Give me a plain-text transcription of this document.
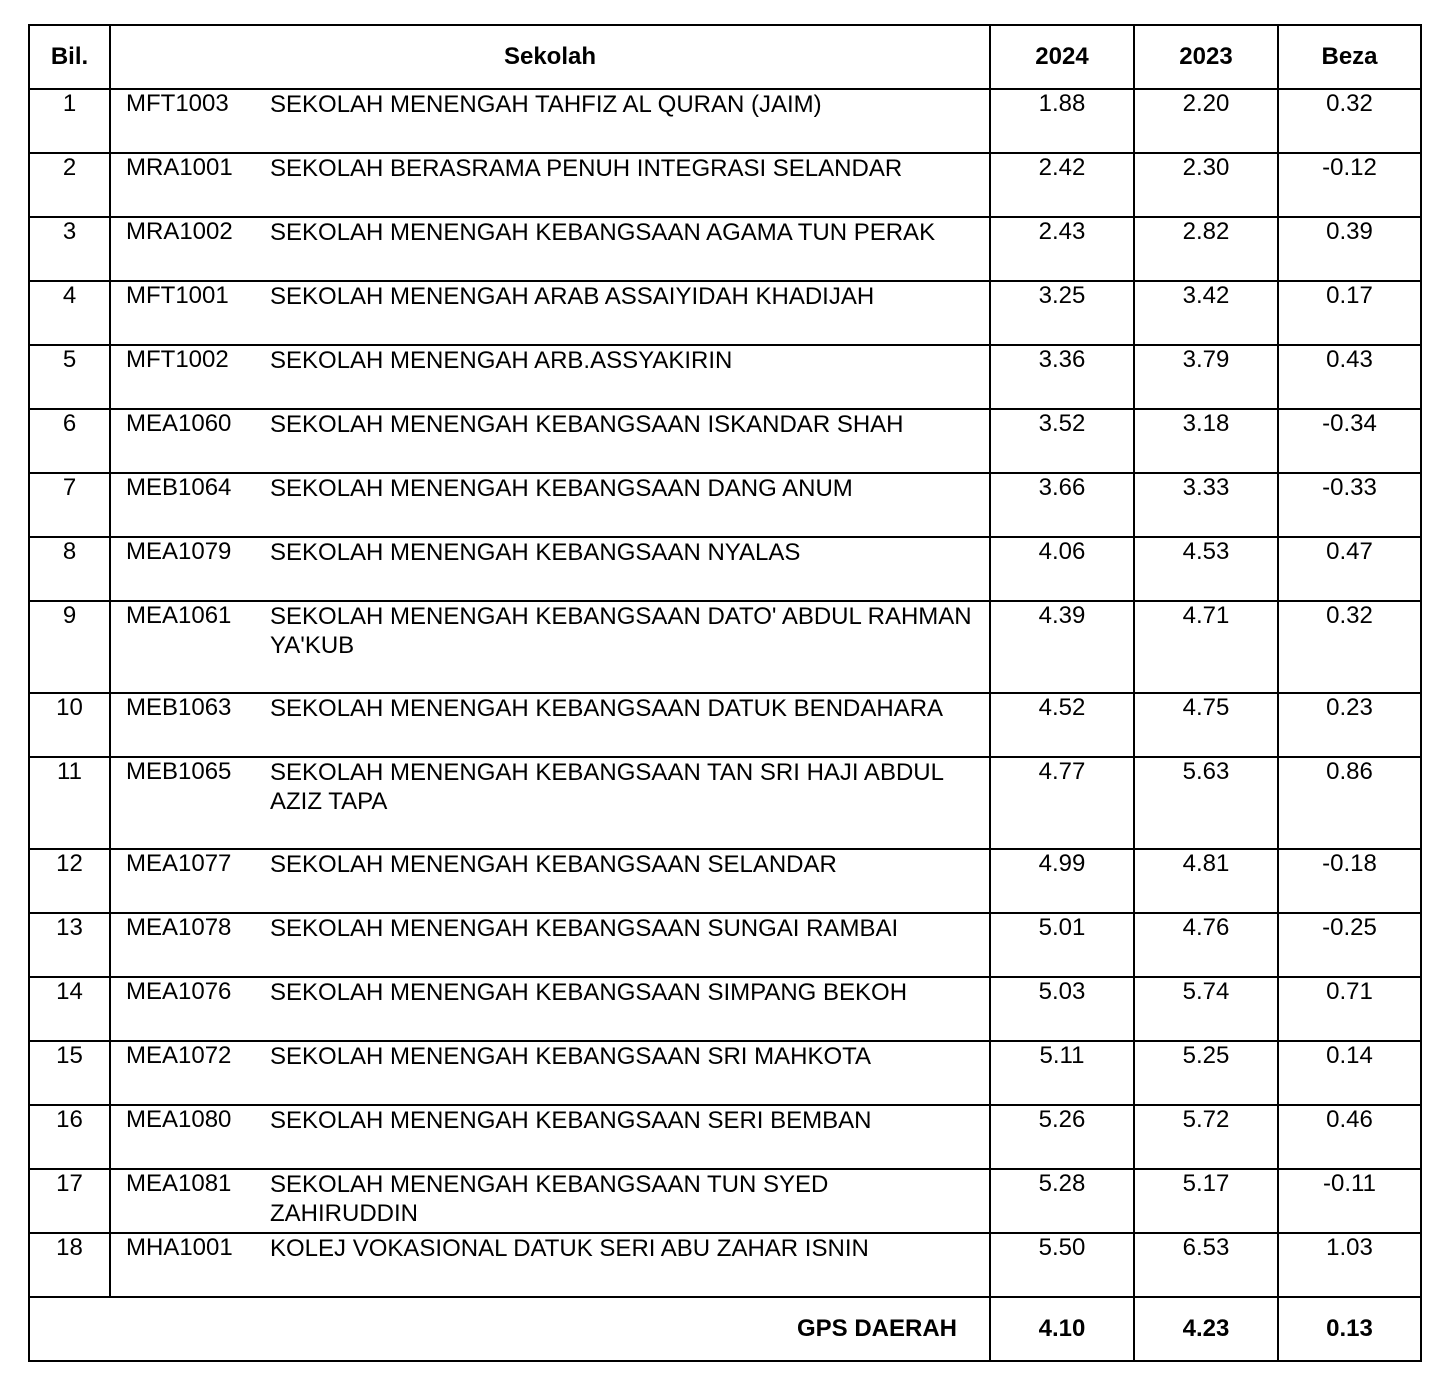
Bil.	Sekolah	2024	2023	Beza
1	MFT1003 SEKOLAH MENENGAH TAHFIZ AL QURAN (JAIM)	1.88	2.20	0.32
2	MRA1001 SEKOLAH BERASRAMA PENUH INTEGRASI SELANDAR	2.42	2.30	-0.12
3	MRA1002 SEKOLAH MENENGAH KEBANGSAAN AGAMA TUN PERAK	2.43	2.82	0.39
4	MFT1001 SEKOLAH MENENGAH ARAB ASSAIYIDAH KHADIJAH	3.25	3.42	0.17
5	MFT1002 SEKOLAH MENENGAH ARB.ASSYAKIRIN	3.36	3.79	0.43
6	MEA1060 SEKOLAH MENENGAH KEBANGSAAN ISKANDAR SHAH	3.52	3.18	-0.34
7	MEB1064 SEKOLAH MENENGAH KEBANGSAAN DANG ANUM	3.66	3.33	-0.33
8	MEA1079 SEKOLAH MENENGAH KEBANGSAAN NYALAS	4.06	4.53	0.47
9	MEA1061 SEKOLAH MENENGAH KEBANGSAAN DATO' ABDUL RAHMAN YA'KUB	4.39	4.71	0.32
10	MEB1063 SEKOLAH MENENGAH KEBANGSAAN DATUK BENDAHARA	4.52	4.75	0.23
11	MEB1065 SEKOLAH MENENGAH KEBANGSAAN TAN SRI HAJI ABDUL AZIZ TAPA	4.77	5.63	0.86
12	MEA1077 SEKOLAH MENENGAH KEBANGSAAN SELANDAR	4.99	4.81	-0.18
13	MEA1078 SEKOLAH MENENGAH KEBANGSAAN SUNGAI RAMBAI	5.01	4.76	-0.25
14	MEA1076 SEKOLAH MENENGAH KEBANGSAAN SIMPANG BEKOH	5.03	5.74	0.71
15	MEA1072 SEKOLAH MENENGAH KEBANGSAAN SRI MAHKOTA	5.11	5.25	0.14
16	MEA1080 SEKOLAH MENENGAH KEBANGSAAN SERI BEMBAN	5.26	5.72	0.46
17	MEA1081 SEKOLAH MENENGAH KEBANGSAAN TUN SYED ZAHIRUDDIN	5.28	5.17	-0.11
18	MHA1001 KOLEJ VOKASIONAL DATUK SERI ABU ZAHAR ISNIN	5.50	6.53	1.03
GPS DAERAH		4.10	4.23	0.13
